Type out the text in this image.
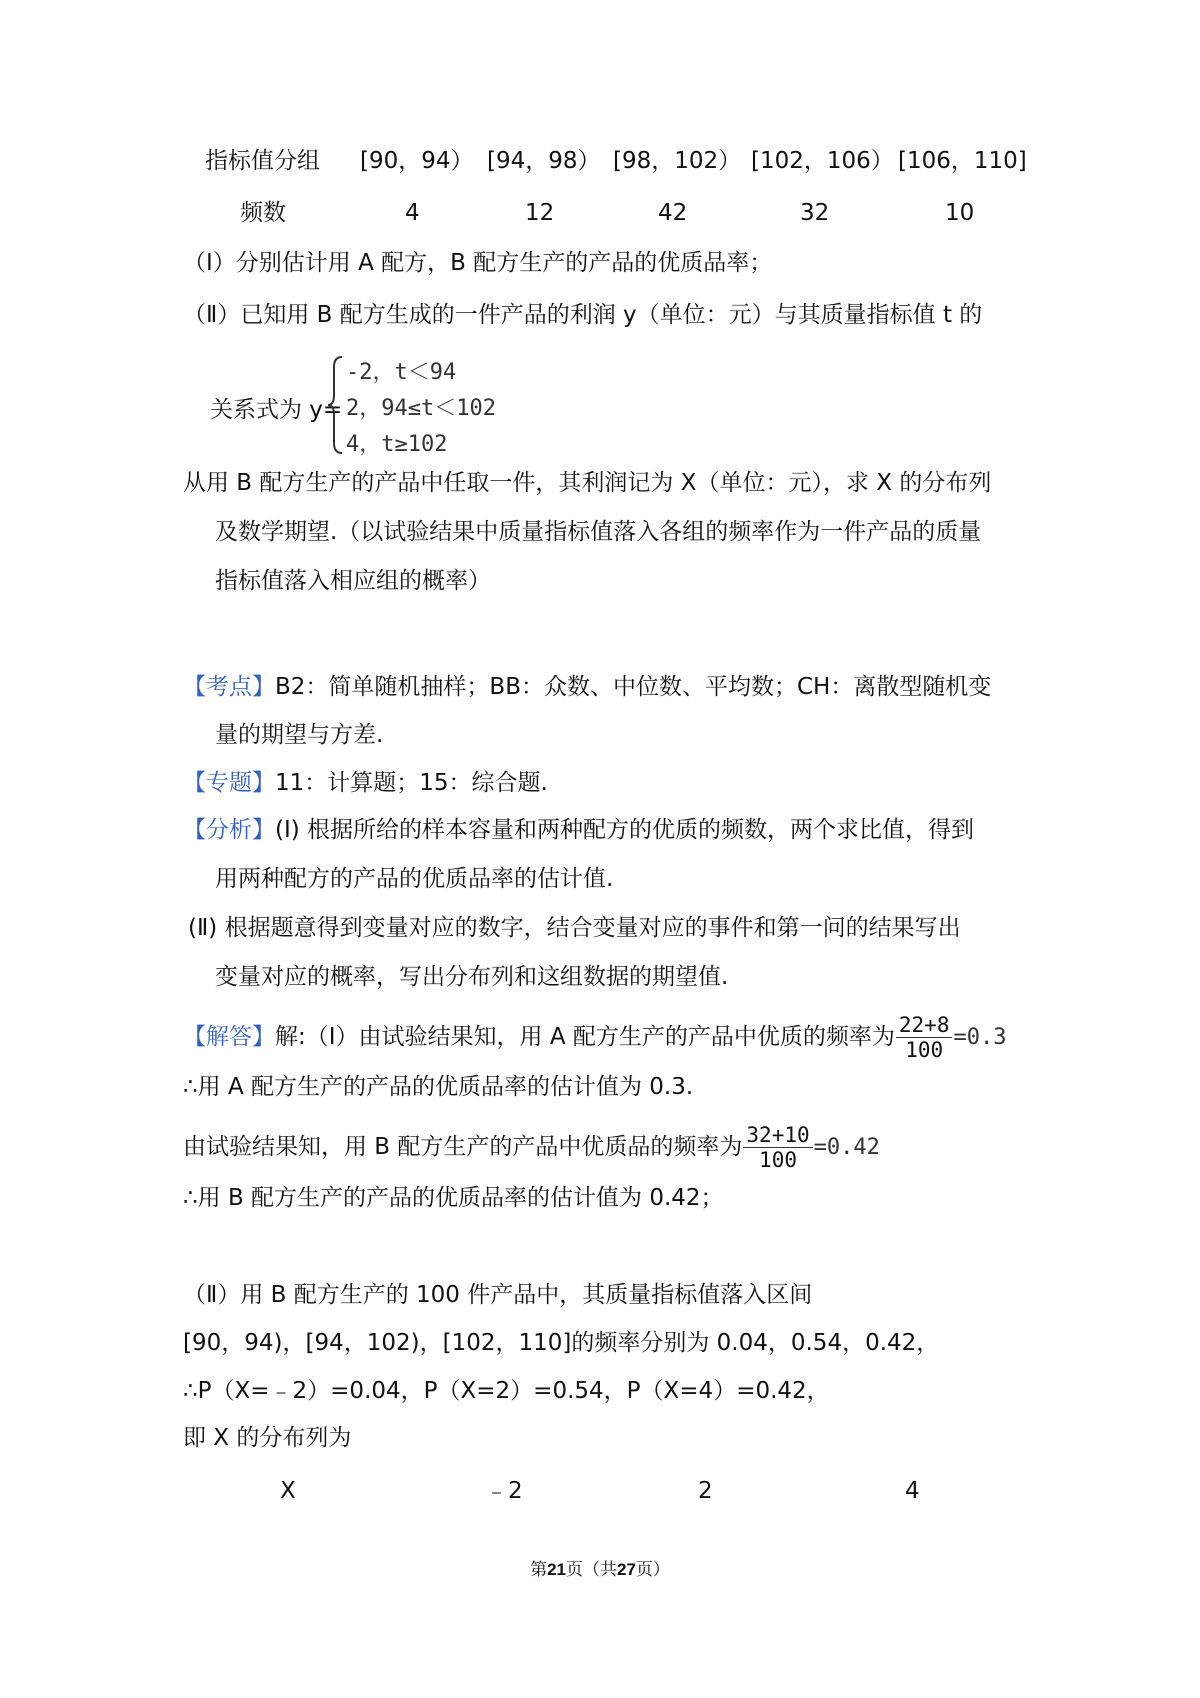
指标值分组 [90，94） [94，98） [98，102） [102，106） [106，110]
频数	4	12	42	32	10
（Ⅰ）分别估计用 A 配方，B 配方生产的产品的优质品率；
（Ⅱ）已知用 B 配方生成的一件产品的利润 y（单位：元）与其质量指标值 t 的
关系式为 y=
-2，t＜94
2，94≤t＜102
4，t≥102
从用 B 配方生产的产品中任取一件，其利润记为 X（单位：元），求 X 的分布列
及数学期望.（以试验结果中质量指标值落入各组的频率作为一件产品的质量
指标值落入相应组的概率）
【考点】B2：简单随机抽样；BB：众数、中位数、平均数；CH：离散型随机变
量的期望与方差.
【专题】11：计算题；15：综合题.
【分析】(Ⅰ) 根据所给的样本容量和两种配方的优质的频数，两个求比值，得到
用两种配方的产品的优质品率的估计值.
(Ⅱ) 根据题意得到变量对应的数字，结合变量对应的事件和第一问的结果写出
变量对应的概率，写出分布列和这组数据的期望值.
【解答】解:（Ⅰ）由试验结果知，用 A 配方生产的产品中优质的频率为 $\frac{22+8}{100} =0.3$
∴用 A 配方生产的产品的优质品率的估计值为 0.3.
由试验结果知，用 B 配方生产的产品中优质品的频率为 $\frac{32+10}{100} =0.42$
∴用 B 配方生产的产品的优质品率的估计值为 0.42；
（Ⅱ）用 B 配方生产的 100 件产品中，其质量指标值落入区间
[90，94)，[94，102)，[102，110]的频率分别为 0.04，0.54，0.42，
∴P（X=﹣2）=0.04，P（X=2）=0.54，P（X=4）=0.42，
即 X 的分布列为
X	﹣2	2	4
第21页（共27页）
